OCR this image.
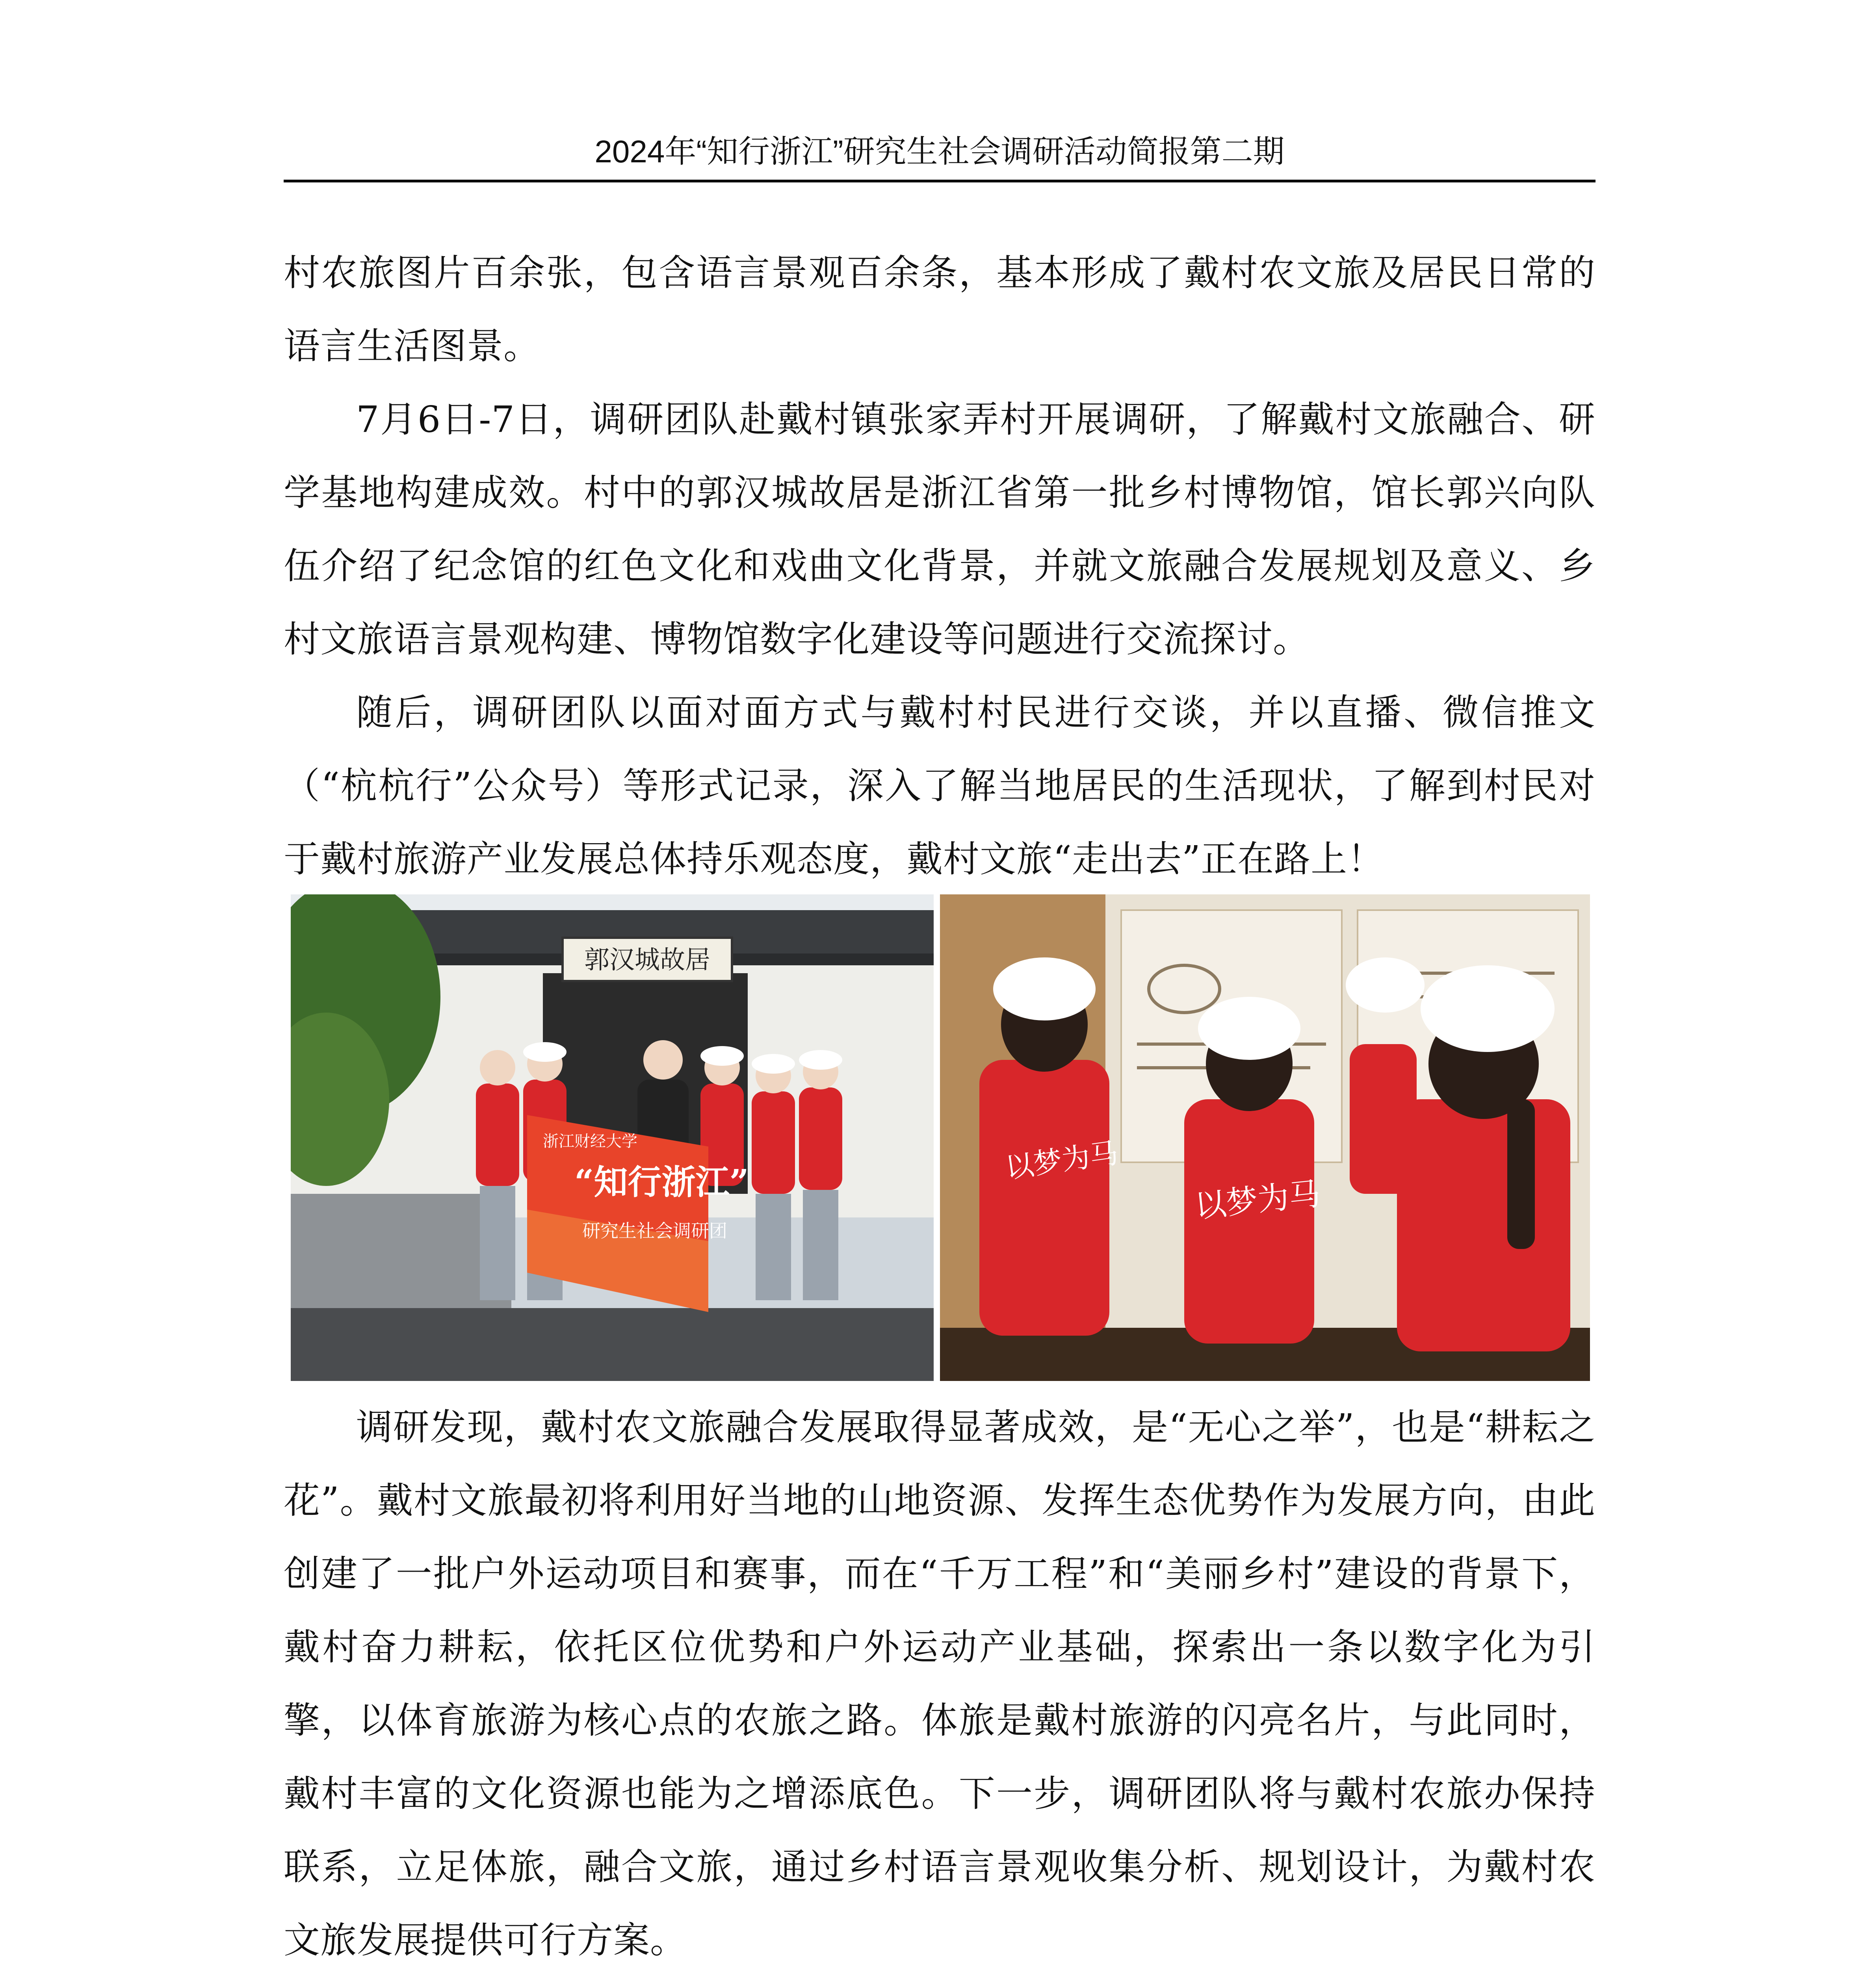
2024年“知行浙江”研究生社会调研活动简报第二期

村农旅图片百余张，包含语言景观百余条，基本形成了戴村农文旅及居民日常的语言生活图景。

7月6日-7日，调研团队赴戴村镇张家弄村开展调研，了解戴村文旅融合、研学基地构建成效。村中的郭汉城故居是浙江省第一批乡村博物馆，馆长郭兴向队伍介绍了纪念馆的红色文化和戏曲文化背景，并就文旅融合发展规划及意义、乡村文旅语言景观构建、博物馆数字化建设等问题进行交流探讨。

随后，调研团队以面对面方式与戴村村民进行交谈，并以直播、微信推文（“杭杭行”公众号）等形式记录，深入了解当地居民的生活现状，了解到村民对于戴村旅游产业发展总体持乐观态度，戴村文旅“走出去”正在路上！

郭汉城故居
浙江财经大学
“知行浙江”
研究生社会调研团
以梦为马
以梦为马

调研发现，戴村农文旅融合发展取得显著成效，是“无心之举”，也是“耕耘之花”。戴村文旅最初将利用好当地的山地资源、发挥生态优势作为发展方向，由此创建了一批户外运动项目和赛事，而在“千万工程”和“美丽乡村”建设的背景下，戴村奋力耕耘，依托区位优势和户外运动产业基础，探索出一条以数字化为引擎，以体育旅游为核心点的农旅之路。体旅是戴村旅游的闪亮名片，与此同时，戴村丰富的文化资源也能为之增添底色。下一步，调研团队将与戴村农旅办保持联系，立足体旅，融合文旅，通过乡村语言景观收集分析、规划设计，为戴村农文旅发展提供可行方案。
